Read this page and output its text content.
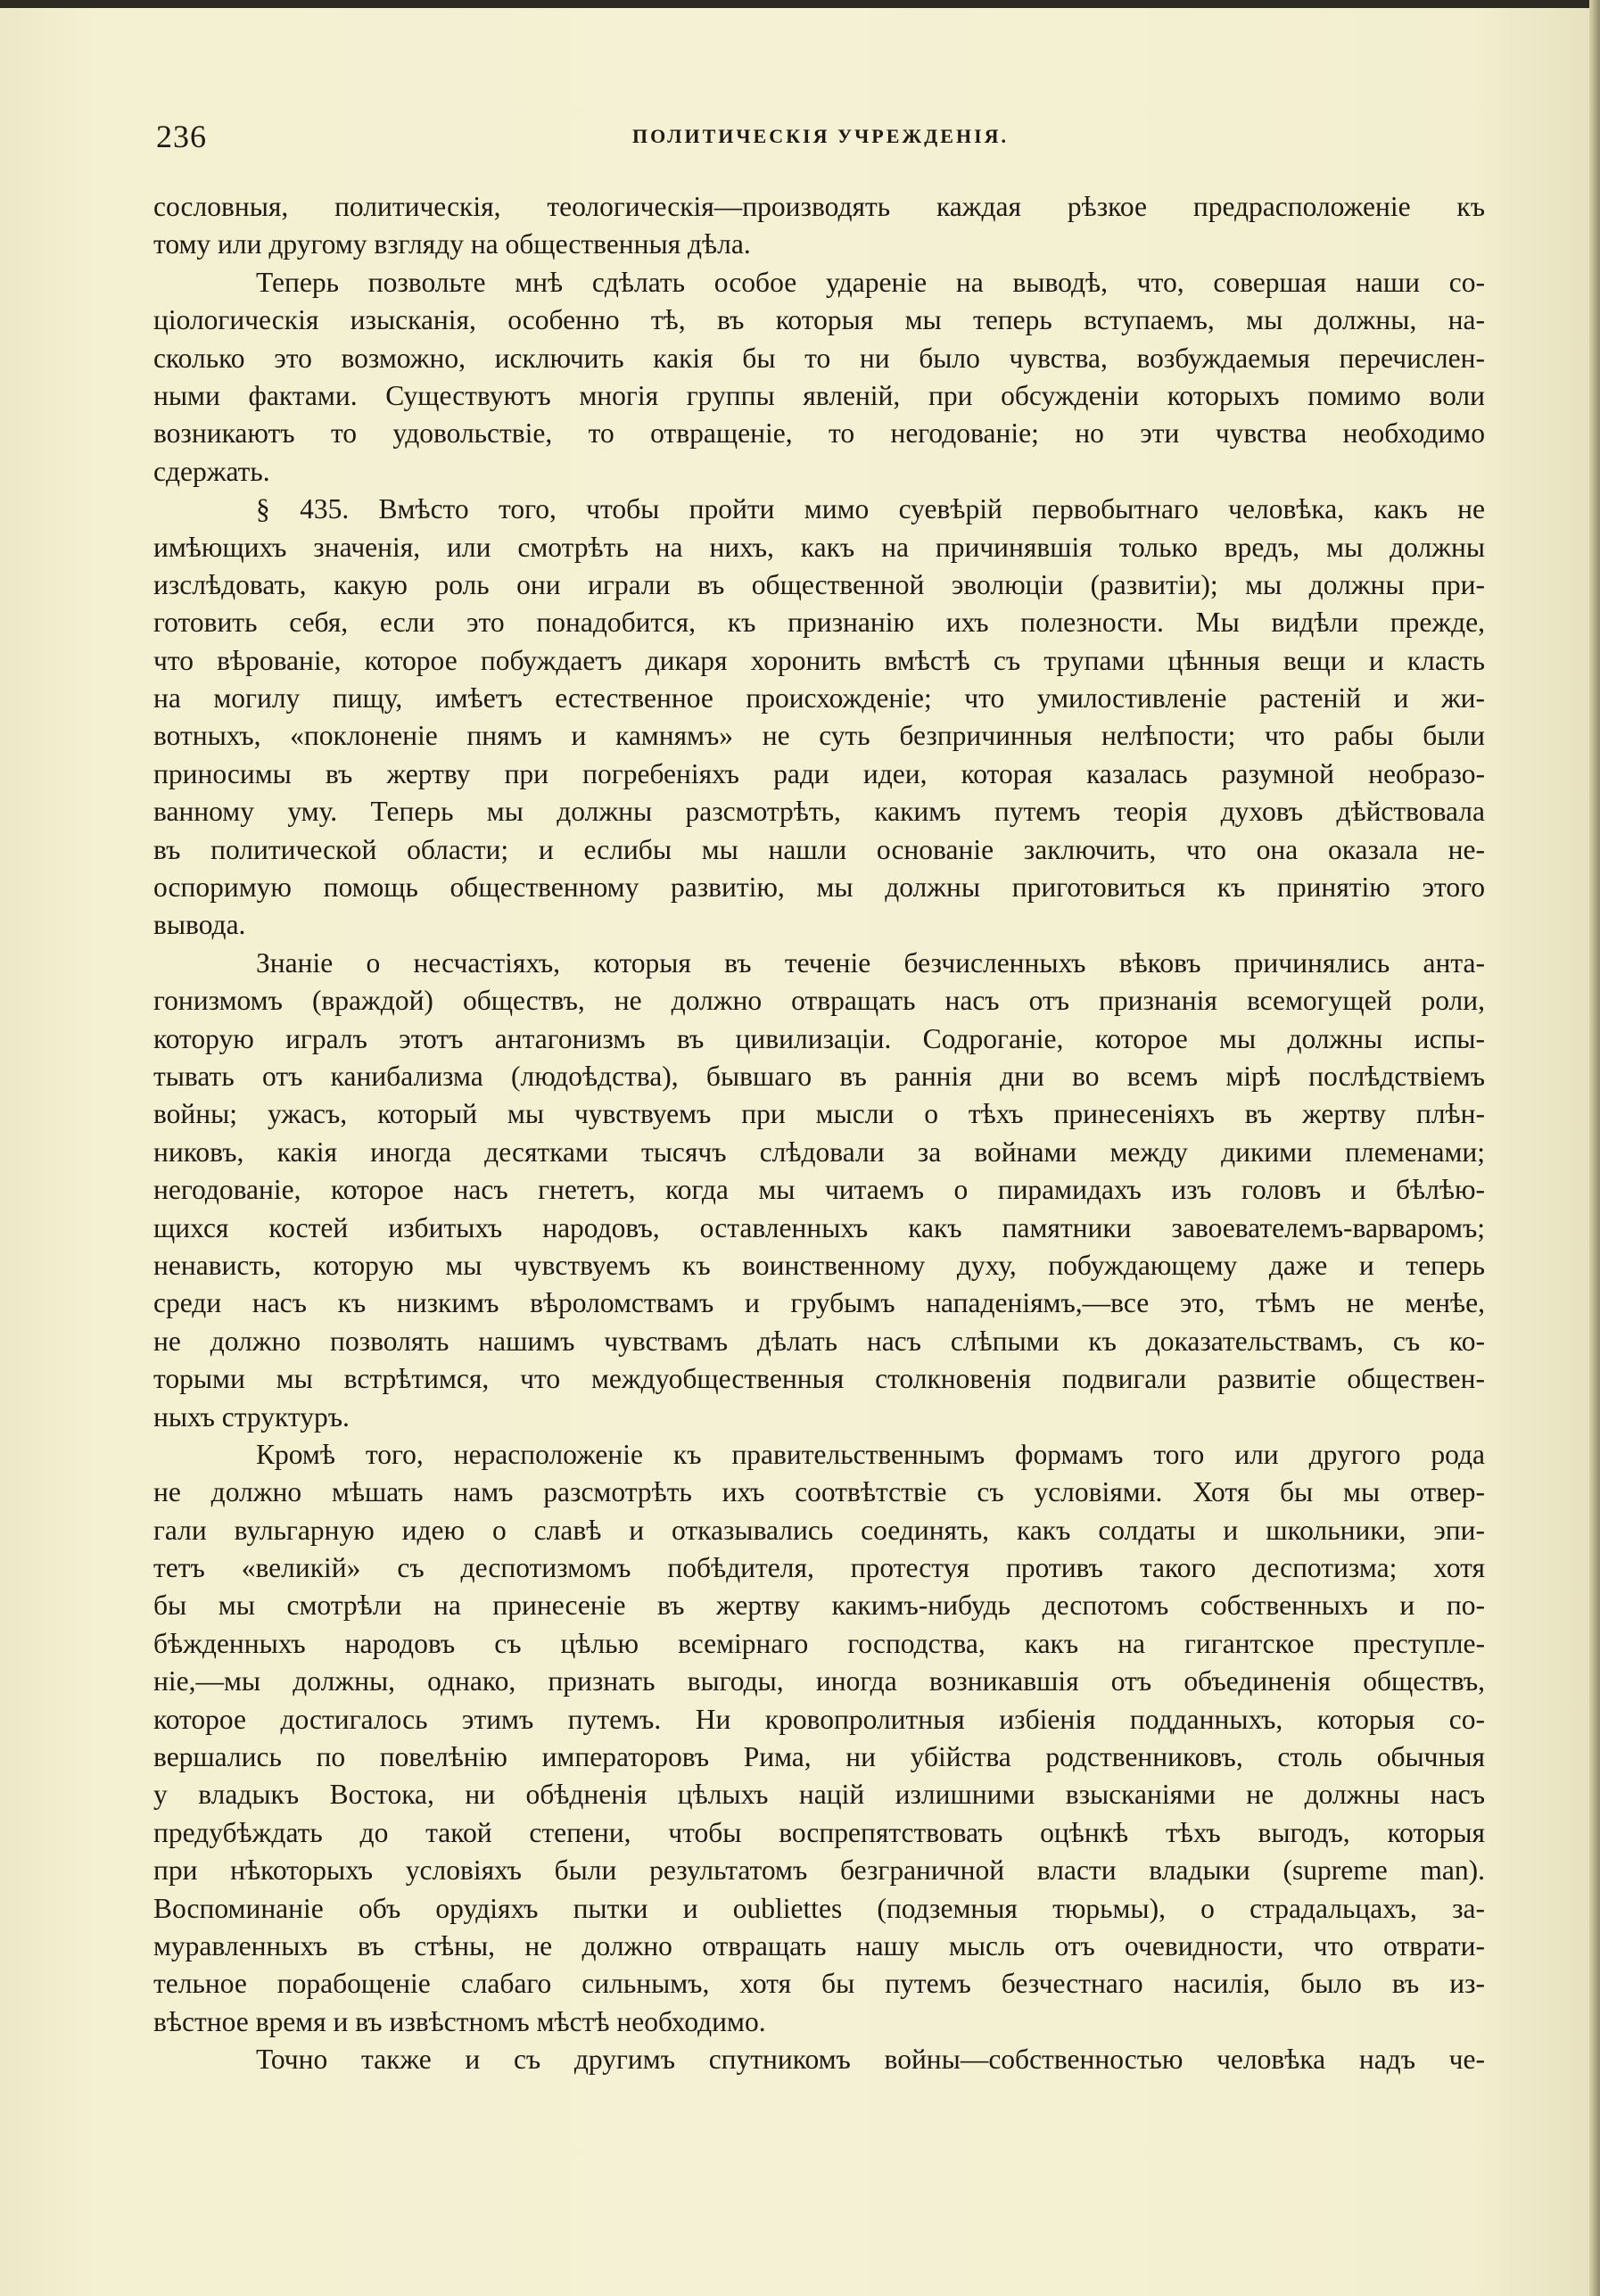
236	ПОЛИТИЧЕСКІЯ УЧРЕЖДЕНІЯ.
сословныя, политическія, теологическія—производять каждая рѣзкое предрасположеніе къ
тому или другому взгляду на общественныя дѣла.
Теперь позвольте мнѣ сдѣлать особое удареніе на выводѣ, что, совершая наши со-
ціологическія изысканія, особенно тѣ, въ которыя мы теперь вступаемъ, мы должны, на-
сколько это возможно, исключить какія бы то ни было чувства, возбуждаемыя перечислен-
ными фактами. Существуютъ многія группы явленій, при обсужденіи которыхъ помимо воли
возникаютъ то удовольствіе, то отвращеніе, то негодованіе; но эти чувства необходимо
сдержать.
§ 435. Вмѣсто того, чтобы пройти мимо суевѣрій первобытнаго человѣка, какъ не
имѣющихъ значенія, или смотрѣть на нихъ, какъ на причинявшія только вредъ, мы должны
изслѣдовать, какую роль они играли въ общественной эволюціи (развитіи); мы должны при-
готовить себя, если это понадобится, къ признанію ихъ полезности. Мы видѣли прежде,
что вѣрованіе, которое побуждаетъ дикаря хоронить вмѣстѣ съ трупами цѣнныя вещи и класть
на могилу пищу, имѣетъ естественное происхожденіе; что умилостивленіе растеній и жи-
вотныхъ, «поклоненіе пнямъ и камнямъ» не суть безпричинныя нелѣпости; что рабы были
приносимы въ жертву при погребеніяхъ ради идеи, которая казалась разумной необразо-
ванному уму. Теперь мы должны разсмотрѣть, какимъ путемъ теорія духовъ дѣйствовала
въ политической области; и еслибы мы нашли основаніе заключить, что она оказала не-
оспоримую помощь общественному развитію, мы должны приготовиться къ принятію этого
вывода.
Знаніе о несчастіяхъ, которыя въ теченіе безчисленныхъ вѣковъ причинялись анта-
гонизмомъ (враждой) обществъ, не должно отвращать насъ отъ признанія всемогущей роли,
которую игралъ этотъ антагонизмъ въ цивилизаціи. Содроганіе, которое мы должны испы-
тывать отъ канибализма (людоѣдства), бывшаго въ раннія дни во всемъ мірѣ послѣдствіемъ
войны; ужасъ, который мы чувствуемъ при мысли о тѣхъ принесеніяхъ въ жертву плѣн-
никовъ, какія иногда десятками тысячъ слѣдовали за войнами между дикими племенами;
негодованіе, которое насъ гнететъ, когда мы читаемъ о пирамидахъ изъ головъ и бѣлѣю-
щихся костей избитыхъ народовъ, оставленныхъ какъ памятники завоевателемъ-варваромъ;
ненависть, которую мы чувствуемъ къ воинственному духу, побуждающему даже и теперь
среди насъ къ низкимъ вѣроломствамъ и грубымъ нападеніямъ,—все это, тѣмъ не менѣе,
не должно позволять нашимъ чувствамъ дѣлать насъ слѣпыми къ доказательствамъ, съ ко-
торыми мы встрѣтимся, что междуобщественныя столкновенія подвигали развитіе обществен-
ныхъ структуръ.
Кромѣ того, нерасположеніе къ правительственнымъ формамъ того или другого рода
не должно мѣшать намъ разсмотрѣть ихъ соотвѣтствіе съ условіями. Хотя бы мы отвер-
гали вульгарную идею о славѣ и отказывались соединять, какъ солдаты и школьники, эпи-
тетъ «великій» съ деспотизмомъ побѣдителя, протестуя противъ такого деспотизма; хотя
бы мы смотрѣли на принесеніе въ жертву какимъ-нибудь деспотомъ собственныхъ и по-
бѣжденныхъ народовъ съ цѣлью всемірнаго господства, какъ на гигантское преступле-
ніе,—мы должны, однако, признать выгоды, иногда возникавшія отъ объединенія обществъ,
которое достигалось этимъ путемъ. Ни кровопролитныя избіенія подданныхъ, которыя со-
вершались по повелѣнію императоровъ Рима, ни убійства родственниковъ, столь обычныя
у владыкъ Востока, ни обѣдненія цѣлыхъ націй излишними взысканіями не должны насъ
предубѣждать до такой степени, чтобы воспрепятствовать оцѣнкѣ тѣхъ выгодъ, которыя
при нѣкоторыхъ условіяхъ были результатомъ безграничной власти владыки (supreme man).
Воспоминаніе объ орудіяхъ пытки и oubliettes (подземныя тюрьмы), о страдальцахъ, за-
муравленныхъ въ стѣны, не должно отвращать нашу мысль отъ очевидности, что отврати-
тельное порабощеніе слабаго сильнымъ, хотя бы путемъ безчестнаго насилія, было въ из-
вѣстное время и въ извѣстномъ мѣстѣ необходимо.
Точно также и съ другимъ спутникомъ войны—собственностью человѣка надъ че-
